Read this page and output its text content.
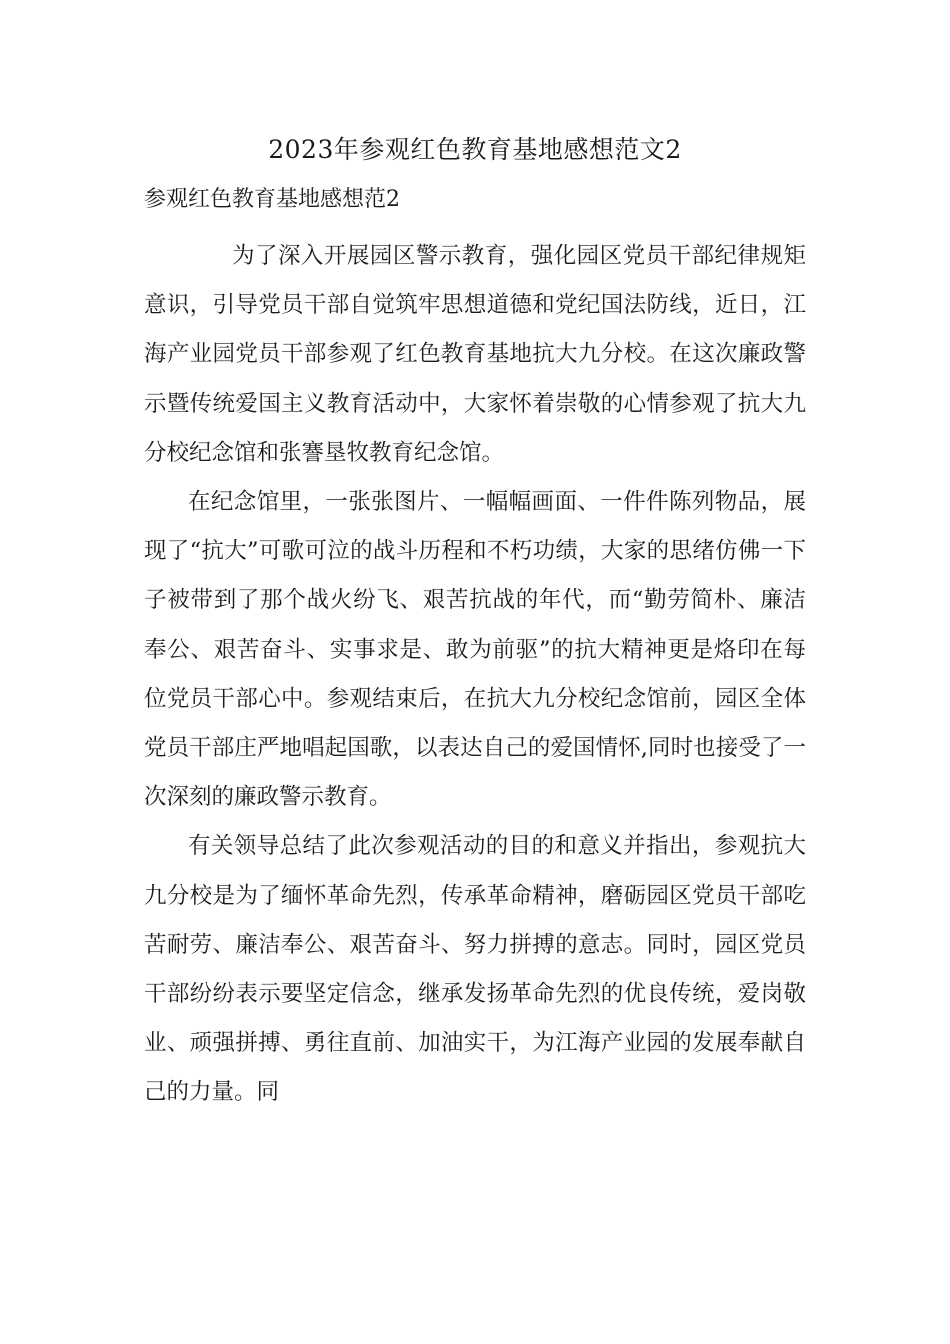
2023年参观红色教育基地感想范文2
参观红色教育基地感想范2

为了深入开展园区警示教育，强化园区党员干部纪律规矩意识，引导党员干部自觉筑牢思想道德和党纪国法防线，近日，江海产业园党员干部参观了红色教育基地抗大九分校。在这次廉政警示暨传统爱国主义教育活动中，大家怀着崇敬的心情参观了抗大九分校纪念馆和张謇垦牧教育纪念馆。

在纪念馆里，一张张图片、一幅幅画面、一件件陈列物品，展现了“抗大”可歌可泣的战斗历程和不朽功绩，大家的思绪仿佛一下子被带到了那个战火纷飞、艰苦抗战的年代，而“勤劳简朴、廉洁奉公、艰苦奋斗、实事求是、敢为前驱”的抗大精神更是烙印在每位党员干部心中。参观结束后，在抗大九分校纪念馆前，园区全体党员干部庄严地唱起国歌，以表达自己的爱国情怀,同时也接受了一次深刻的廉政警示教育。

有关领导总结了此次参观活动的目的和意义并指出，参观抗大九分校是为了缅怀革命先烈，传承革命精神，磨砺园区党员干部吃苦耐劳、廉洁奉公、艰苦奋斗、努力拼搏的意志。同时，园区党员干部纷纷表示要坚定信念，继承发扬革命先烈的优良传统，爱岗敬业、顽强拼搏、勇往直前、加油实干，为江海产业园的发展奉献自己的力量。同
